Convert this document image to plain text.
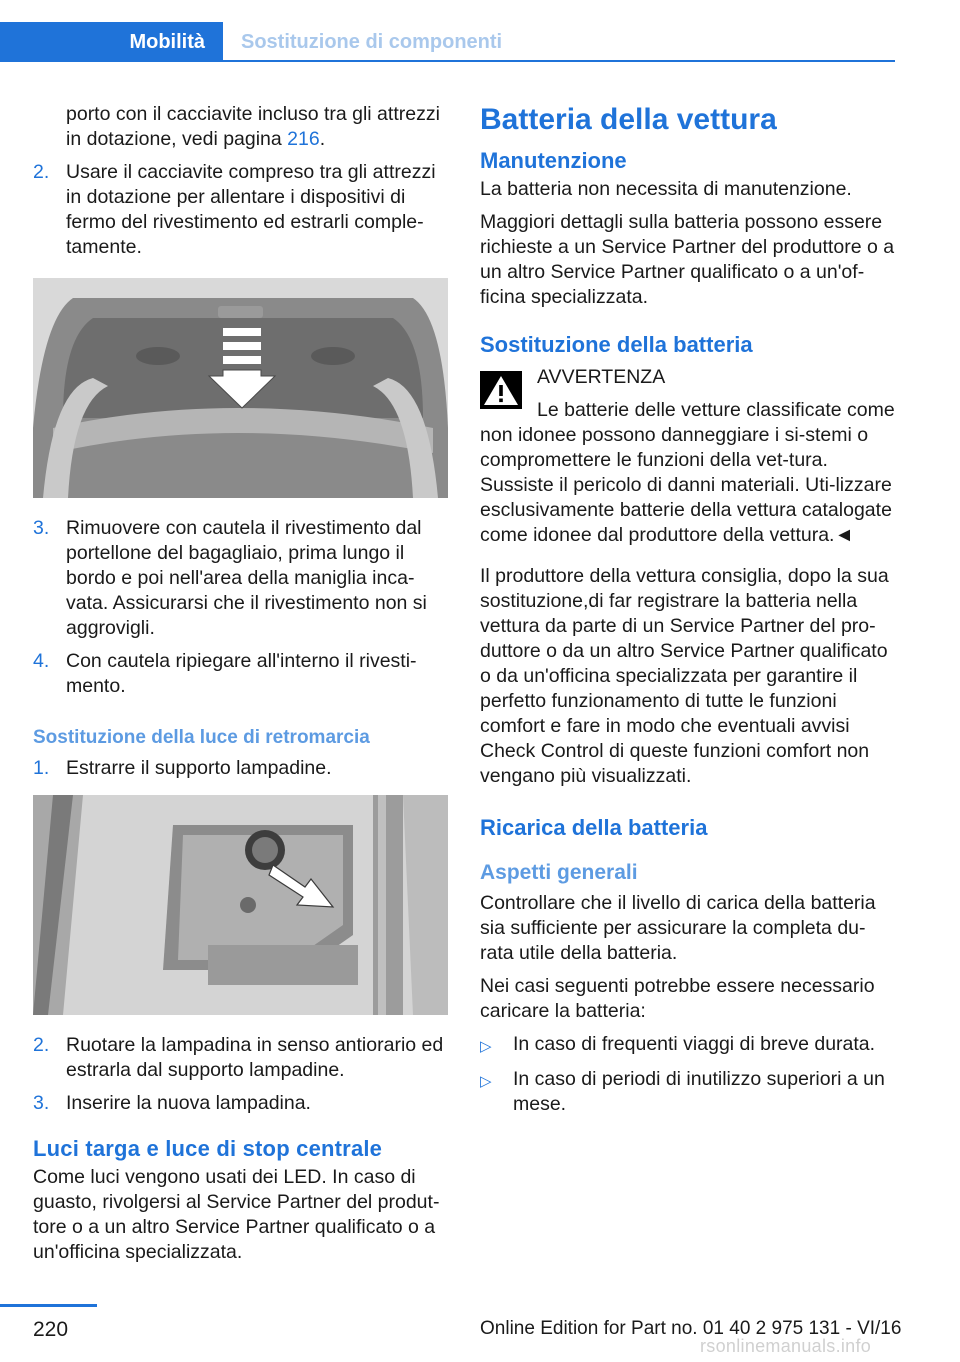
Mobilità	Sostituzione di componenti
porto con il cacciavite incluso tra gli attrezzi in dotazione, vedi pagina 216.
2. Usare il cacciavite compreso tra gli attrezzi in dotazione per allentare i dispositivi di fermo del rivestimento ed estrarli comple-tamente.
3. Rimuovere con cautela il rivestimento dal portellone del bagagliaio, prima lungo il bordo e poi nell'area della maniglia inca-vata. Assicurarsi che il rivestimento non si aggrovigli.
4. Con cautela ripiegare all'interno il rivesti-mento.
Sostituzione della luce di retromarcia
1. Estrarre il supporto lampadine.
2. Ruotare la lampadina in senso antiorario ed estrarla dal supporto lampadine.
3. Inserire la nuova lampadina.
Luci targa e luce di stop centrale

Come luci vengono usati dei LED. In caso di guasto, rivolgersi al Service Partner del produt-tore o a un altro Service Partner qualificato o a un'officina specializzata.

Batteria della vettura
Manutenzione

La batteria non necessita di manutenzione.

Maggiori dettagli sulla batteria possono essere richieste a un Service Partner del produttore o a un altro Service Partner qualificato o a un'of-ficina specializzata.

Sostituzione della batteria
AVVERTENZA
Le batterie delle vetture classificate come non idonee possono danneggiare i si-stemi o compromettere le funzioni della vet-tura. Sussiste il pericolo di danni materiali. Uti-lizzare esclusivamente batterie della vettura catalogate come idonee dal produttore della vettura.◄

Il produttore della vettura consiglia, dopo la sua sostituzione,di far registrare la batteria nella vettura da parte di un Service Partner del pro-duttore o da un altro Service Partner qualificato o da un'officina specializzata per garantire il perfetto funzionamento di tutte le funzioni comfort e fare in modo che eventuali avvisi Check Control di queste funzioni comfort non vengano più visualizzati.

Ricarica della batteria
Aspetti generali

Controllare che il livello di carica della batteria sia sufficiente per assicurare la completa du-rata utile della batteria.

Nei casi seguenti potrebbe essere necessario caricare la batteria:

▷	In caso di frequenti viaggi di breve durata.
▷	In caso di periodi di inutilizzo superiori a un mese.
220	Online Edition for Part no. 01 40 2 975 131 - VI/16
rsonlinemanuals.info
